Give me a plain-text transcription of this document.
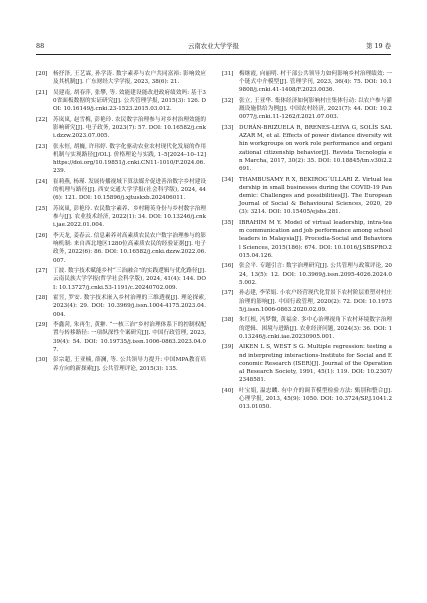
88	云南农业大学学报	第 19 卷
[20] 杨抒泽, 王艺霖, 孙学涛. 数字素养与农户共同富裕: 影响效应及其机制[J]. 广东财经大学学报, 2023, 38(6): 21.
[21] 吴建南, 胡春萍, 张攀, 等. 效能建设能改进政府绩效吗: 基于30省面板数据的实证研究[J]. 公共管理学报, 2015(3): 126. DOI: 10.16149/j.cnki.23-1523.2015.03.012.
[22] 苏岚岚, 赵雪梅, 彭艳玲. 农民数字治理参与对乡村治理效能的影响研究[J]. 电子政务, 2023(7): 57. DOI: 10.16582/j.cnki.dzzw.2023.07.005.
[23] 张永恒, 胡巍, 许玮婷. 数字化驱动农业农村现代化发展的作用机制与实现路径[J/OL]. 价格理论与实践, 1–5[2024–10–12] https://doi.org/10.19851/j.cnki.CN11-1010/F.2024.06.239.
[24] 崔莉燕, 杨瑾. 发展传播视域下算法媒介促进善治数字乡村建设的机理与路径[J]. 西安交通大学学报(社会科学版), 2024, 44(6): 121. DOI: 10.15896/j.xjtuskxb.202406011.
[25] 苏岚岚, 彭艳玲. 农民数字素养、乡村精英身份与乡村数字治理参与[J]. 农业技术经济, 2022(1): 34. DOI: 10.13246/j.cnki.jae.2022.01.004.
[26] 李天龙, 姜春云. 信息素养对高素质农民农户数字治理参与的影响机制: 来自西北地区1280位高素质农民的经验证据[J]. 电子政务, 2022(6): 86. DOI: 10.16582/j.cnki.dzzw.2022.06.007.
[27] 丁波. 数字技术赋能乡村“三治融合”的实践逻辑与优化路径[J]. 云南民族大学学报(哲学社会科学版), 2024, 41(4): 144. DOI: 10.13727/j.cnki.53-1191/c.20240702.009.
[28] 霍昱, 罗安. 数字技术嵌入乡村治理的三维透视[J]. 理论探索, 2023(4): 29. DOI: 10.3969/j.issn.1004-4175.2023.04.004.
[29] 李鑫菏, 朱再生, 黄翀. “一核三治”乡村治理体系下的控制权配置与转移路径: 一项纵深性个案研究[J]. 中国行政管理, 2023, 39(4): 54. DOI: 10.19735/j.issn.1006-0863.2023.04.07.
[30] 彭宗超, 王亚楠, 薛澜, 等. 公共领导力提升: 中国MPA教育培养方向的新探索[J]. 公共管理评论, 2015(3): 135.
[31] 梅继霞, 向丽明. 村干部公共领导力如何影响乡村治理绩效: 一个链式中介模型[J]. 管理学刊, 2023, 36(4): 75. DOI: 10.19808/j.cnki.41-1408/F.2023.0036.
[32] 张立, 王亚华. 集体经济如何影响村庄集体行动: 以农户参与灌溉设施供给为例[J]. 中国农村经济, 2021(7): 44. DOI: 10.20077/j.cnki.11-1262/f.2021.07.003.
[33] DURÁN-BRIZUELA R, BRENES-LEIVA G, SOLÍS SALAZAR M, et al. Effects of power distance diversity within workgroups on work role performance and organizational citizenship behavior[J]. Revista Tecnología en Marcha, 2017, 30(2): 35. DOI: 10.18845/tm.v30i2.2691.
[34] THAMBUSAMY R X, BEKIROG˘ULLARI Z. Virtual leadership in small businesses during the COVID-19 Pandemic: Challenges and possibilities[J]. The European Journal of Social & Behavioural Sciences, 2020, 29(3): 3214. DOI: 10.15405/ejsbs.281.
[35] IBRAHIM M Y. Model of virtual leadership, intra-team communication and job performance among school leaders in Malaysia[J]. Procedia-Social and Behavioral Sciences, 2015(186): 674. DOI: 10.1016/J.SBSPRO.2015.04.126.
[36] 张会平. 专题引言: 数字治理研究[J]. 公共管理与政策评论, 2024, 13(5): 12. DOI: 10.3969/j.issn.2095-4026.2024.05.002.
[37] 孙志建, 李荣娟. 小农户经营现代化背景下农村阶层重塑对村庄治理的影响[J]. 中国行政管理, 2020(2): 72. DOI: 10.19735/j.issn.1006-0863.2020.02.09.
[38] 朱红根, 冯梦微, 黄福金. 多中心治理视角下农村环境数字治理的逻辑、困境与进路[J]. 农业经济问题, 2024(3): 36. DOI: 10.13246/j.cnki.iae.20230905.001.
[39] AIKEN L S, WEST S G. Multiple regression: testing and interpreting interactions-Institute for Social and Economic Research (ISER)[J]. Journal of the Operational Research Society, 1991, 45(1): 119. DOI: 10.2307/2348581.
[40] 叶宝娟, 温忠麟. 有中介的调节模型检验方法: 甄别和整合[J]. 心理学报, 2013, 45(9): 1050. DOI: 10.3724/SP.J.1041.2013.01050.
